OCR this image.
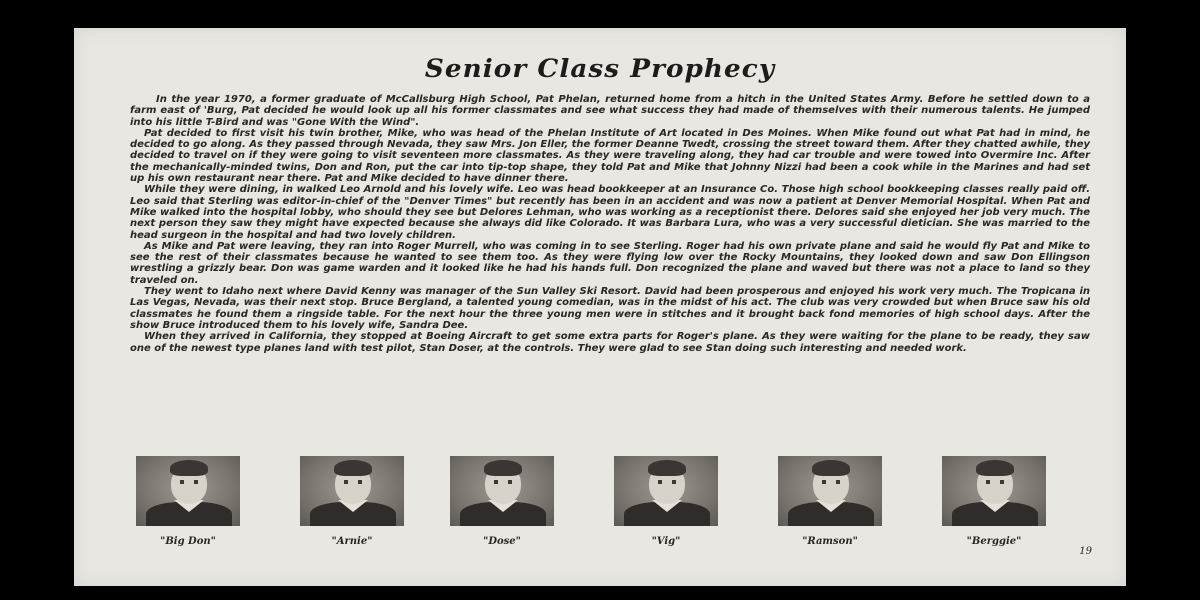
Senior Class Prophecy

In the year 1970, a former graduate of McCallsburg High School, Pat Phelan, returned home from a hitch in the United States Army. Before he settled down to a farm east of 'Burg, Pat decided he would look up all his former classmates and see what success they had made of themselves with their numerous talents. He jumped into his little T-Bird and was "Gone With the Wind".

Pat decided to first visit his twin brother, Mike, who was head of the Phelan Institute of Art located in Des Moines. When Mike found out what Pat had in mind, he decided to go along. As they passed through Nevada, they saw Mrs. Jon Eller, the former Deanne Twedt, crossing the street toward them. After they chatted awhile, they decided to travel on if they were going to visit seventeen more classmates. As they were traveling along, they had car trouble and were towed into Overmire Inc. After the mechanically-minded twins, Don and Ron, put the car into tip-top shape, they told Pat and Mike that Johnny Nizzi had been a cook while in the Marines and had set up his own restaurant near there. Pat and Mike decided to have dinner there.

While they were dining, in walked Leo Arnold and his lovely wife. Leo was head bookkeeper at an Insurance Co. Those high school bookkeeping classes really paid off. Leo said that Sterling was editor-in-chief of the "Denver Times" but recently has been in an accident and was now a patient at Denver Memorial Hospital. When Pat and Mike walked into the hospital lobby, who should they see but Delores Lehman, who was working as a receptionist there. Delores said she enjoyed her job very much. The next person they saw they might have expected because she always did like Colorado. It was Barbara Lura, who was a very successful dietician. She was married to the head surgeon in the hospital and had two lovely children.

As Mike and Pat were leaving, they ran into Roger Murrell, who was coming in to see Sterling. Roger had his own private plane and said he would fly Pat and Mike to see the rest of their classmates because he wanted to see them too. As they were flying low over the Rocky Mountains, they looked down and saw Don Ellingson wrestling a grizzly bear. Don was game warden and it looked like he had his hands full. Don recognized the plane and waved but there was not a place to land so they traveled on.

They went to Idaho next where David Kenny was manager of the Sun Valley Ski Resort. David had been prosperous and enjoyed his work very much. The Tropicana in Las Vegas, Nevada, was their next stop. Bruce Bergland, a talented young comedian, was in the midst of his act. The club was very crowded but when Bruce saw his old classmates he found them a ringside table. For the next hour the three young men were in stitches and it brought back fond memories of high school days. After the show Bruce introduced them to his lovely wife, Sandra Dee.

When they arrived in California, they stopped at Boeing Aircraft to get some extra parts for Roger's plane. As they were waiting for the plane to be ready, they saw one of the newest type planes land with test pilot, Stan Doser, at the controls. They were glad to see Stan doing such interesting and needed work.

"Big Don"	"Arnie"	"Dose"	"Vig"	"Ramson"	"Berggie"
19
